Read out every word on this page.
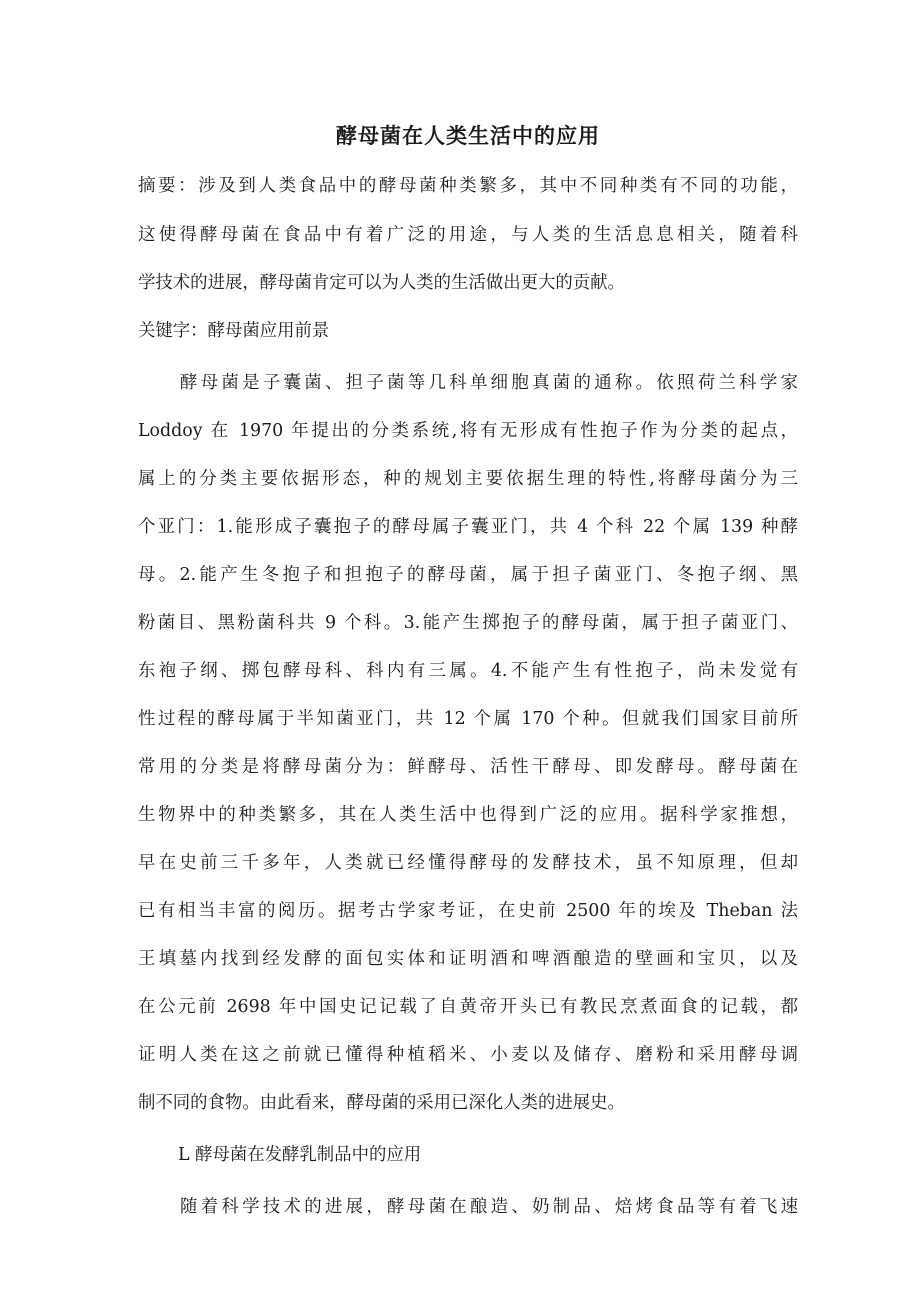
酵母菌在人类生活中的应用
摘要：涉及到人类食品中的酵母菌种类繁多，其中不同种类有不同的功能，
这使得酵母菌在食品中有着广泛的用途，与人类的生活息息相关，随着科
学技术的进展，酵母菌肯定可以为人类的生活做出更大的贡献。
关键字：酵母菌应用前景
酵母菌是子囊菌、担子菌等几科单细胞真菌的通称。依照荷兰科学家
Loddoy 在 1970 年提出的分类系统,将有无形成有性抱子作为分类的起点，
属上的分类主要依据形态，种的规划主要依据生理的特性,将酵母菌分为三
个亚门：1.能形成子囊抱子的酵母属子囊亚门，共 4 个科 22 个属 139 种酵
母。2.能产生冬抱子和担抱子的酵母菌，属于担子菌亚门、冬抱子纲、黑
粉菌目、黑粉菌科共 9 个科。3.能产生掷抱子的酵母菌，属于担子菌亚门、
东袍子纲、掷包酵母科、科内有三属。4.不能产生有性抱子，尚未发觉有
性过程的酵母属于半知菌亚门，共 12 个属 170 个种。但就我们国家目前所
常用的分类是将酵母菌分为：鲜酵母、活性干酵母、即发酵母。酵母菌在
生物界中的种类繁多，其在人类生活中也得到广泛的应用。据科学家推想，
早在史前三千多年，人类就已经懂得酵母的发酵技术，虽不知原理，但却
已有相当丰富的阅历。据考古学家考证，在史前 2500 年的埃及 Theban 法
王填墓内找到经发酵的面包实体和证明酒和啤酒酿造的壁画和宝贝，以及
在公元前 2698 年中国史记记载了自黄帝开头已有教民烹煮面食的记载，都
证明人类在这之前就已懂得种植稻米、小麦以及储存、磨粉和采用酵母调
制不同的食物。由此看来，酵母菌的采用已深化人类的进展史。
L 酵母菌在发酵乳制品中的应用
随着科学技术的进展，酵母菌在酿造、奶制品、焙烤食品等有着飞速
